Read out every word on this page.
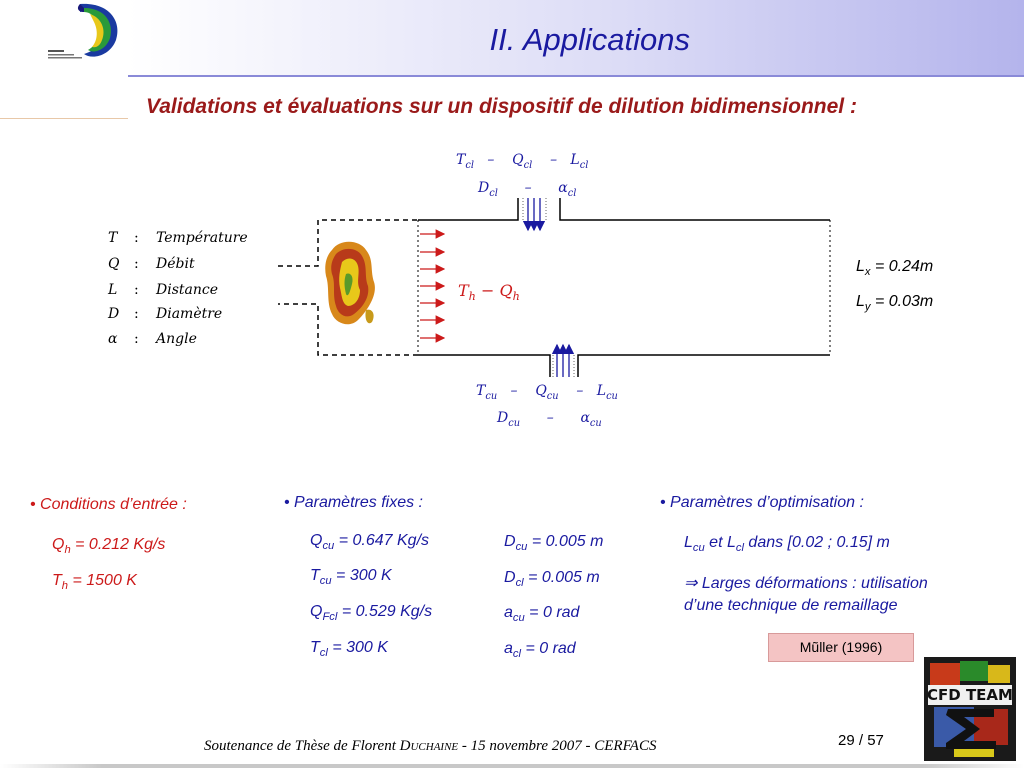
II. Applications
Validations et évaluations sur un dispositif de dilution bidimensionnel :
T : Température
Q : Débit
L : Distance
D : Diamètre
α : Angle
$T_{cl} - Q_{cl} - L_{cl}$
$D_{cl} - \alpha_{cl}$
$T_h - Q_h$
$T_{cu} - Q_{cu} - L_{cu}$
$D_{cu} - \alpha_{cu}$
$L_x = 0.24m$
$L_y = 0.03m$
• Conditions d’entrée :
$Q_h = 0.212$ Kg/s
$T_h = 1500$ K
• Paramètres fixes :
$Q_{cu} = 0.647$ Kg/s
$T_{cu} = 300$ K
$Q_{Fcl} = 0.529$ Kg/s
$T_{cl} = 300$ K
$D_{cu} = 0.005$ m
$D_{cl} = 0.005$ m
$a_{cu} = 0$ rad
$a_{cl} = 0$ rad
• Paramètres d’optimisation :
$L_{cu}$ et $L_{cl}$ dans [0.02 ; 0.15] m
⇒ Larges déformations : utilisation
d’une technique de remaillage
Mũller (1996)
CFD TEAM
Soutenance de Thèse de Florent DUCHAINE - 15 novembre 2007 - CERFACS	29 / 57
